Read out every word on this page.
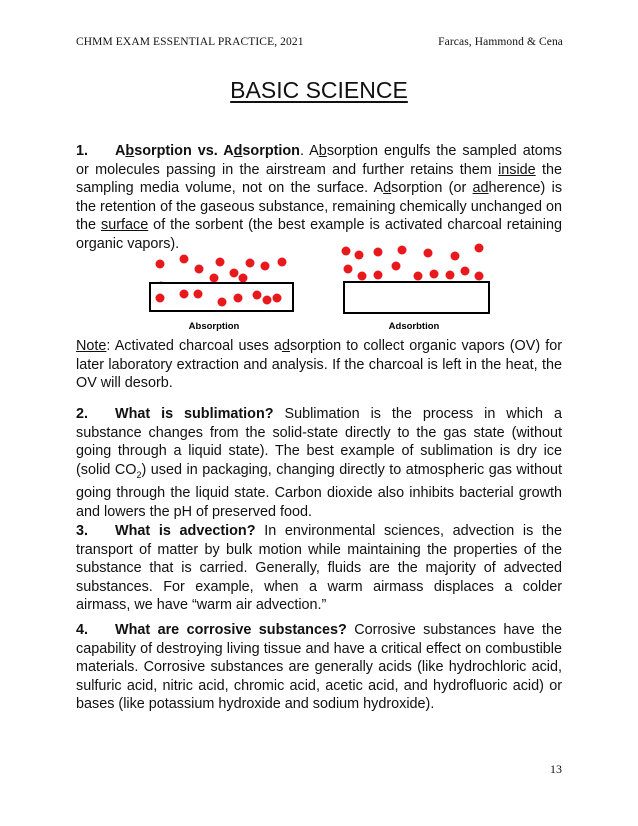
CHMM EXAM ESSENTIAL PRACTICE, 2021	Farcas, Hammond & Cena
BASIC SCIENCE
1. Absorption vs. Adsorption. Absorption engulfs the sampled atoms or molecules passing in the airstream and further retains them inside the sampling media volume, not on the surface. Adsorption (or adherence) is the retention of the gaseous substance, remaining chemically unchanged on the surface of the sorbent (the best example is activated charcoal retaining organic vapors).
Absorption	Adsorbtion
Note: Activated charcoal uses adsorption to collect organic vapors (OV) for later laboratory extraction and analysis. If the charcoal is left in the heat, the OV will desorb.
2. What is sublimation? Sublimation is the process in which a substance changes from the solid-state directly to the gas state (without going through a liquid state). The best example of sublimation is dry ice (solid $CO_2$) used in packaging, changing directly to atmospheric gas without going through the liquid state. Carbon dioxide also inhibits bacterial growth and lowers the pH of preserved food.
3. What is advection? In environmental sciences, advection is the transport of matter by bulk motion while maintaining the properties of the substance that is carried. Generally, fluids are the majority of advected substances. For example, when a warm airmass displaces a colder airmass, we have “warm air advection.”
4. What are corrosive substances? Corrosive substances have the capability of destroying living tissue and have a critical effect on combustible materials. Corrosive substances are generally acids (like hydrochloric acid, sulfuric acid, nitric acid, chromic acid, acetic acid, and hydrofluoric acid) or bases (like potassium hydroxide and sodium hydroxide).
13
